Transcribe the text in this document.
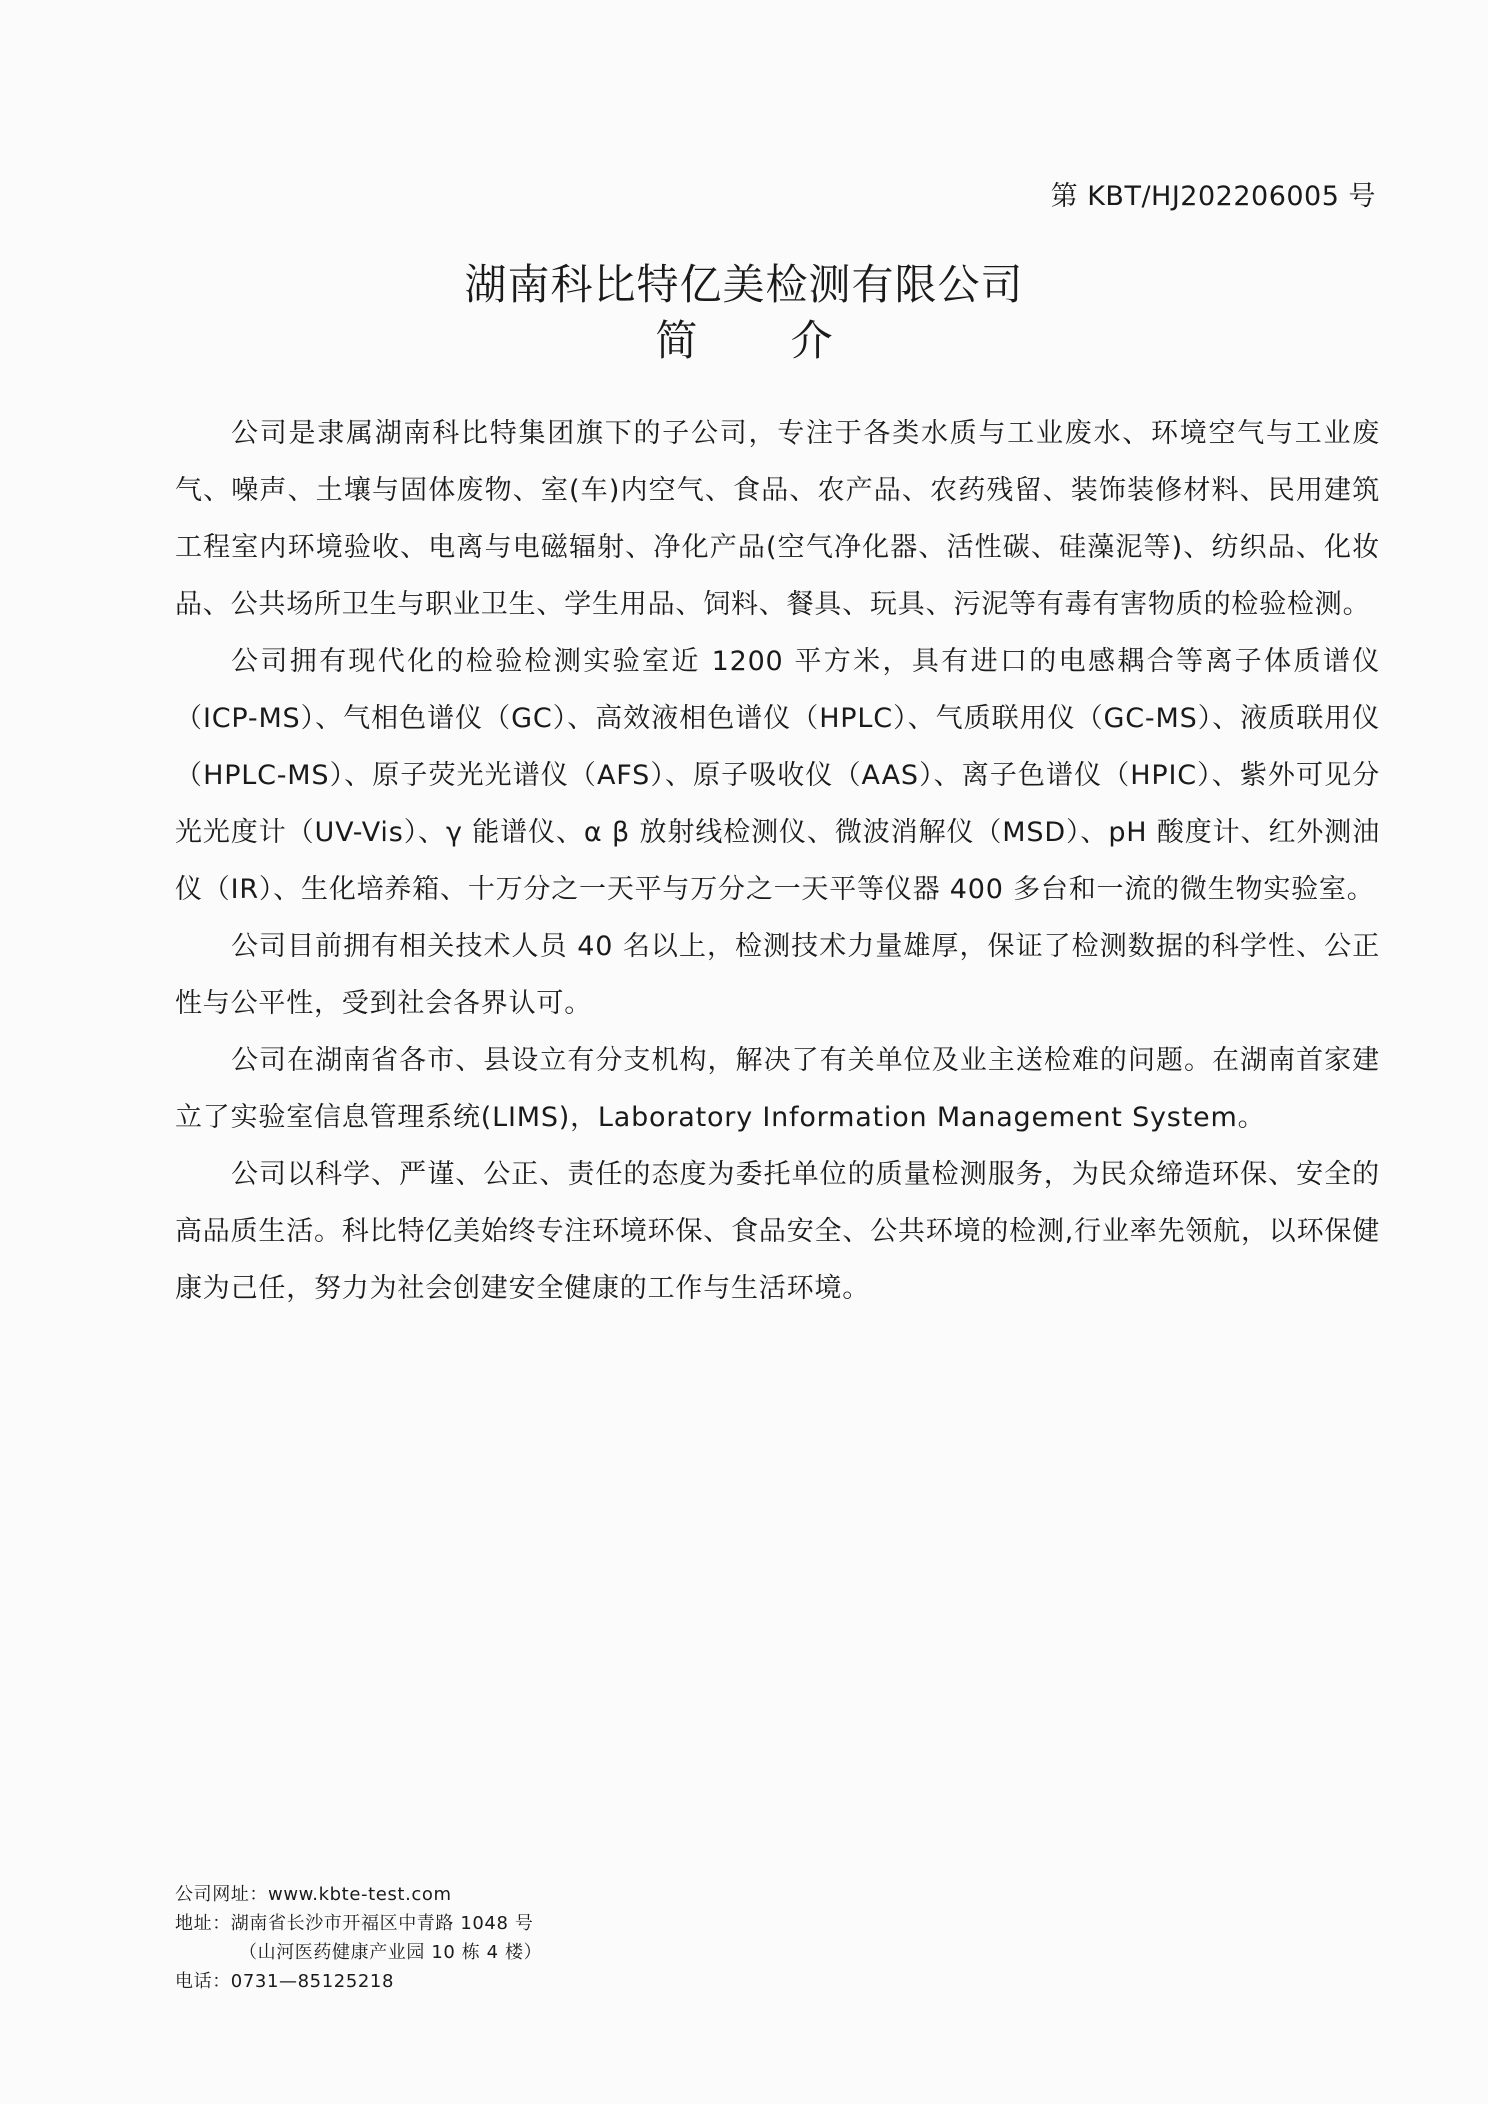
第 KBT/HJ202206005 号
湖南科比特亿美检测有限公司
简 介

公司是隶属湖南科比特集团旗下的子公司，专注于各类水质与工业废水、环境空气与工业废气、噪声、土壤与固体废物、室(车)内空气、食品、农产品、农药残留、装饰装修材料、民用建筑工程室内环境验收、电离与电磁辐射、净化产品(空气净化器、活性碳、硅藻泥等)、纺织品、化妆品、公共场所卫生与职业卫生、学生用品、饲料、餐具、玩具、污泥等有毒有害物质的检验检测。

公司拥有现代化的检验检测实验室近 1200 平方米，具有进口的电感耦合等离子体质谱仪（ICP-MS）、气相色谱仪（GC）、高效液相色谱仪（HPLC）、气质联用仪（GC-MS）、液质联用仪（HPLC-MS）、原子荧光光谱仪（AFS）、原子吸收仪（AAS）、离子色谱仪（HPIC）、紫外可见分光光度计（UV-Vis）、γ 能谱仪、α β 放射线检测仪、微波消解仪（MSD）、pH 酸度计、红外测油仪（IR）、生化培养箱、十万分之一天平与万分之一天平等仪器 400 多台和一流的微生物实验室。

公司目前拥有相关技术人员 40 名以上，检测技术力量雄厚，保证了检测数据的科学性、公正性与公平性，受到社会各界认可。

公司在湖南省各市、县设立有分支机构，解决了有关单位及业主送检难的问题。在湖南首家建立了实验室信息管理系统(LIMS)，Laboratory Information Management System。

公司以科学、严谨、公正、责任的态度为委托单位的质量检测服务，为民众缔造环保、安全的高品质生活。科比特亿美始终专注环境环保、食品安全、公共环境的检测,行业率先领航，以环保健康为己任，努力为社会创建安全健康的工作与生活环境。

公司网址：www.kbte-test.com
地址：湖南省长沙市开福区中青路 1048 号
（山河医药健康产业园 10 栋 4 楼）
电话：0731—85125218
